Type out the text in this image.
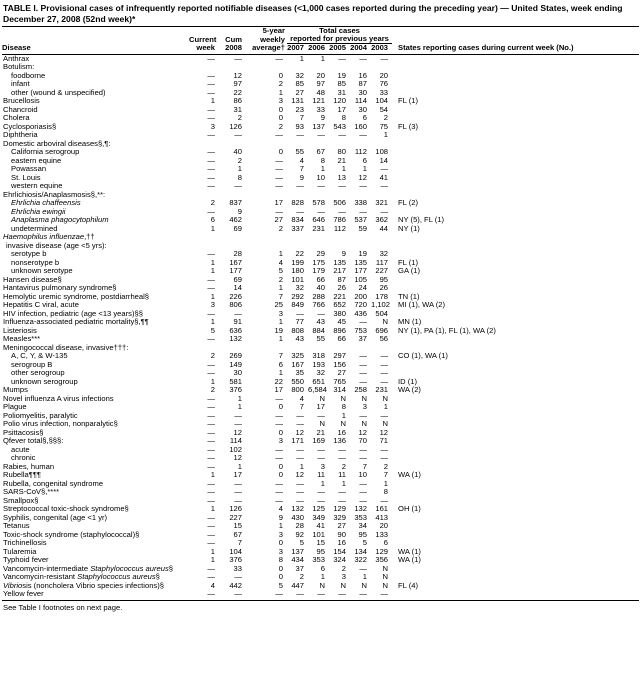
TABLE I. Provisional cases of infrequently reported notifiable diseases (<1,000 cases reported during the preceding year) — United States, week ending December 27, 2008 (52nd week)*
			5-year	Total cases					
	Current	Cum	weekly	reported for previous years					
Disease	week	2008	average†	2007	2006	2005	2004	2003	States reporting cases during current week (No.)
Anthrax	—	—	—	1	1	—	—	—	
Botulism:									
foodborne	—	12	0	32	20	19	16	20	
infant	—	97	2	85	97	85	87	76	
other (wound & unspecified)	—	22	1	27	48	31	30	33	
Brucellosis	1	86	3	131	121	120	114	104	FL (1)
Chancroid	—	31	0	23	33	17	30	54	
Cholera	—	2	0	7	9	8	6	2	
Cyclosporiasis§	3	126	2	93	137	543	160	75	FL (3)
Diphtheria	—	—	—	—	—	—	—	1	
Domestic arboviral diseases§,¶:									
California serogroup	—	40	0	55	67	80	112	108	
eastern equine	—	2	—	4	8	21	6	14	
Powassan	—	1	—	7	1	1	1	—	
St. Louis	—	8	—	9	10	13	12	41	
western equine	—	—	—	—	—	—	—	—	
Ehrlichiosis/Anaplasmosis§,**:									
Ehrlichia chaffeensis	2	837	17	828	578	506	338	321	FL (2)
Ehrlichia ewingii	—	9	—	—	—	—	—	—	
Anaplasma phagocytophilum	6	462	27	834	646	786	537	362	NY (5), FL (1)
undetermined	1	69	2	337	231	112	59	44	NY (1)
Haemophilus influenzae,††									
invasive disease (age <5 yrs):									
serotype b	—	28	1	22	29	9	19	32	
nonserotype b	1	167	4	199	175	135	135	117	FL (1)
unknown serotype	1	177	5	180	179	217	177	227	GA (1)
Hansen disease§	—	69	2	101	66	87	105	95	
Hantavirus pulmonary syndrome§	—	14	1	32	40	26	24	26	
Hemolytic uremic syndrome, postdiarrheal§	1	226	7	292	288	221	200	178	TN (1)
Hepatitis C viral, acute	3	806	25	849	766	652	720	1,102	MI (1), WA (2)
HIV infection, pediatric (age <13 years)§§	—	—	3	—	—	380	436	504	
Influenza-associated pediatric mortality§,¶¶	1	91	1	77	43	45	—	N	MN (1)
Listeriosis	5	636	19	808	884	896	753	696	NY (1), PA (1), FL (1), WA (2)
Measles***	—	132	1	43	55	66	37	56	
Meningococcal disease, invasive†††:									
A, C, Y, & W-135	2	269	7	325	318	297	—	—	CO (1), WA (1)
serogroup B	—	149	6	167	193	156	—	—	
other serogroup	—	30	1	35	32	27	—	—	
unknown serogroup	1	581	22	550	651	765	—	—	ID (1)
Mumps	2	376	17	800	6,584	314	258	231	WA (2)
Novel influenza A virus infections	—	1	—	4	N	N	N	N	
Plague	—	1	0	7	17	8	3	1	
Poliomyelitis, paralytic	—	—	—	—	—	1	—	—	
Polio virus infection, nonparalytic§	—	—	—	—	N	N	N	N	
Psittacosis§	—	12	0	12	21	16	12	12	
Qfever total§,§§§:	—	114	3	171	169	136	70	71	
acute	—	102	—	—	—	—	—	—	
chronic	—	12	—	—	—	—	—	—	
Rabies, human	—	1	0	1	3	2	7	2	
Rubella¶¶¶	1	17	0	12	11	11	10	7	WA (1)
Rubella, congenital syndrome	—	—	—	—	1	1	—	1	
SARS-CoV§,****	—	—	—	—	—	—	—	8	
Smallpox§	—	—	—	—	—	—	—	—	
Streptococcal toxic-shock syndrome§	1	126	4	132	125	129	132	161	OH (1)
Syphilis, congenital (age <1 yr)	—	227	9	430	349	329	353	413	
Tetanus	—	15	1	28	41	27	34	20	
Toxic-shock syndrome (staphylococcal)§	—	67	3	92	101	90	95	133	
Trichinellosis	—	7	0	5	15	16	5	6	
Tularemia	1	104	3	137	95	154	134	129	WA (1)
Typhoid fever	1	376	8	434	353	324	322	356	WA (1)
Vancomycin-intermediate Staphylococcus aureus§	—	33	0	37	6	2	—	N	
Vancomycin-resistant Staphylococcus aureus§	—	—	0	2	1	3	1	N	
Vibriosis (noncholera Vibrio species infections)§	4	442	5	447	N	N	N	N	FL (4)
Yellow fever	—	—	—	—	—	—	—	—	
See Table I footnotes on next page.
